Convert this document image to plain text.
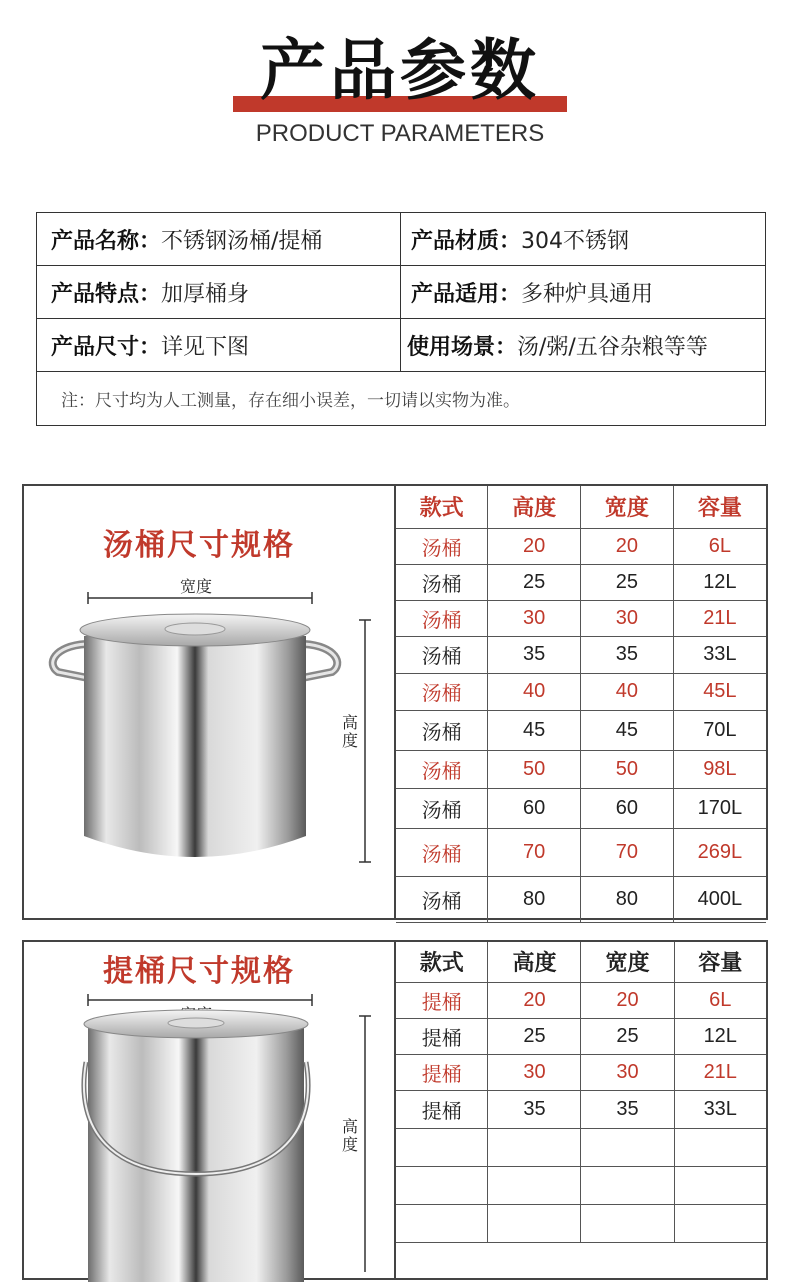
产品参数
PRODUCT PARAMETERS
产品名称： 不锈钢汤桶/提桶	产品材质： 304不锈钢
产品特点： 加厚桶身	产品适用： 多种炉具通用
产品尺寸： 详见下图	使用场景： 汤/粥/五谷杂粮等等
注：尺寸均为人工测量，存在细小误差，一切请以实物为准。
汤桶尺寸规格
宽度
高度
款式	高度	宽度	容量
汤桶	20	20	6L
汤桶	25	25	12L
汤桶	30	30	21L
汤桶	35	35	33L
汤桶	40	40	45L
汤桶	45	45	70L
汤桶	50	50	98L
汤桶	60	60	170L
汤桶	70	70	269L
汤桶	80	80	400L
提桶尺寸规格
高度
款式	高度	宽度	容量
提桶	20	20	6L
提桶	25	25	12L
提桶	30	30	21L
提桶	35	35	33L
